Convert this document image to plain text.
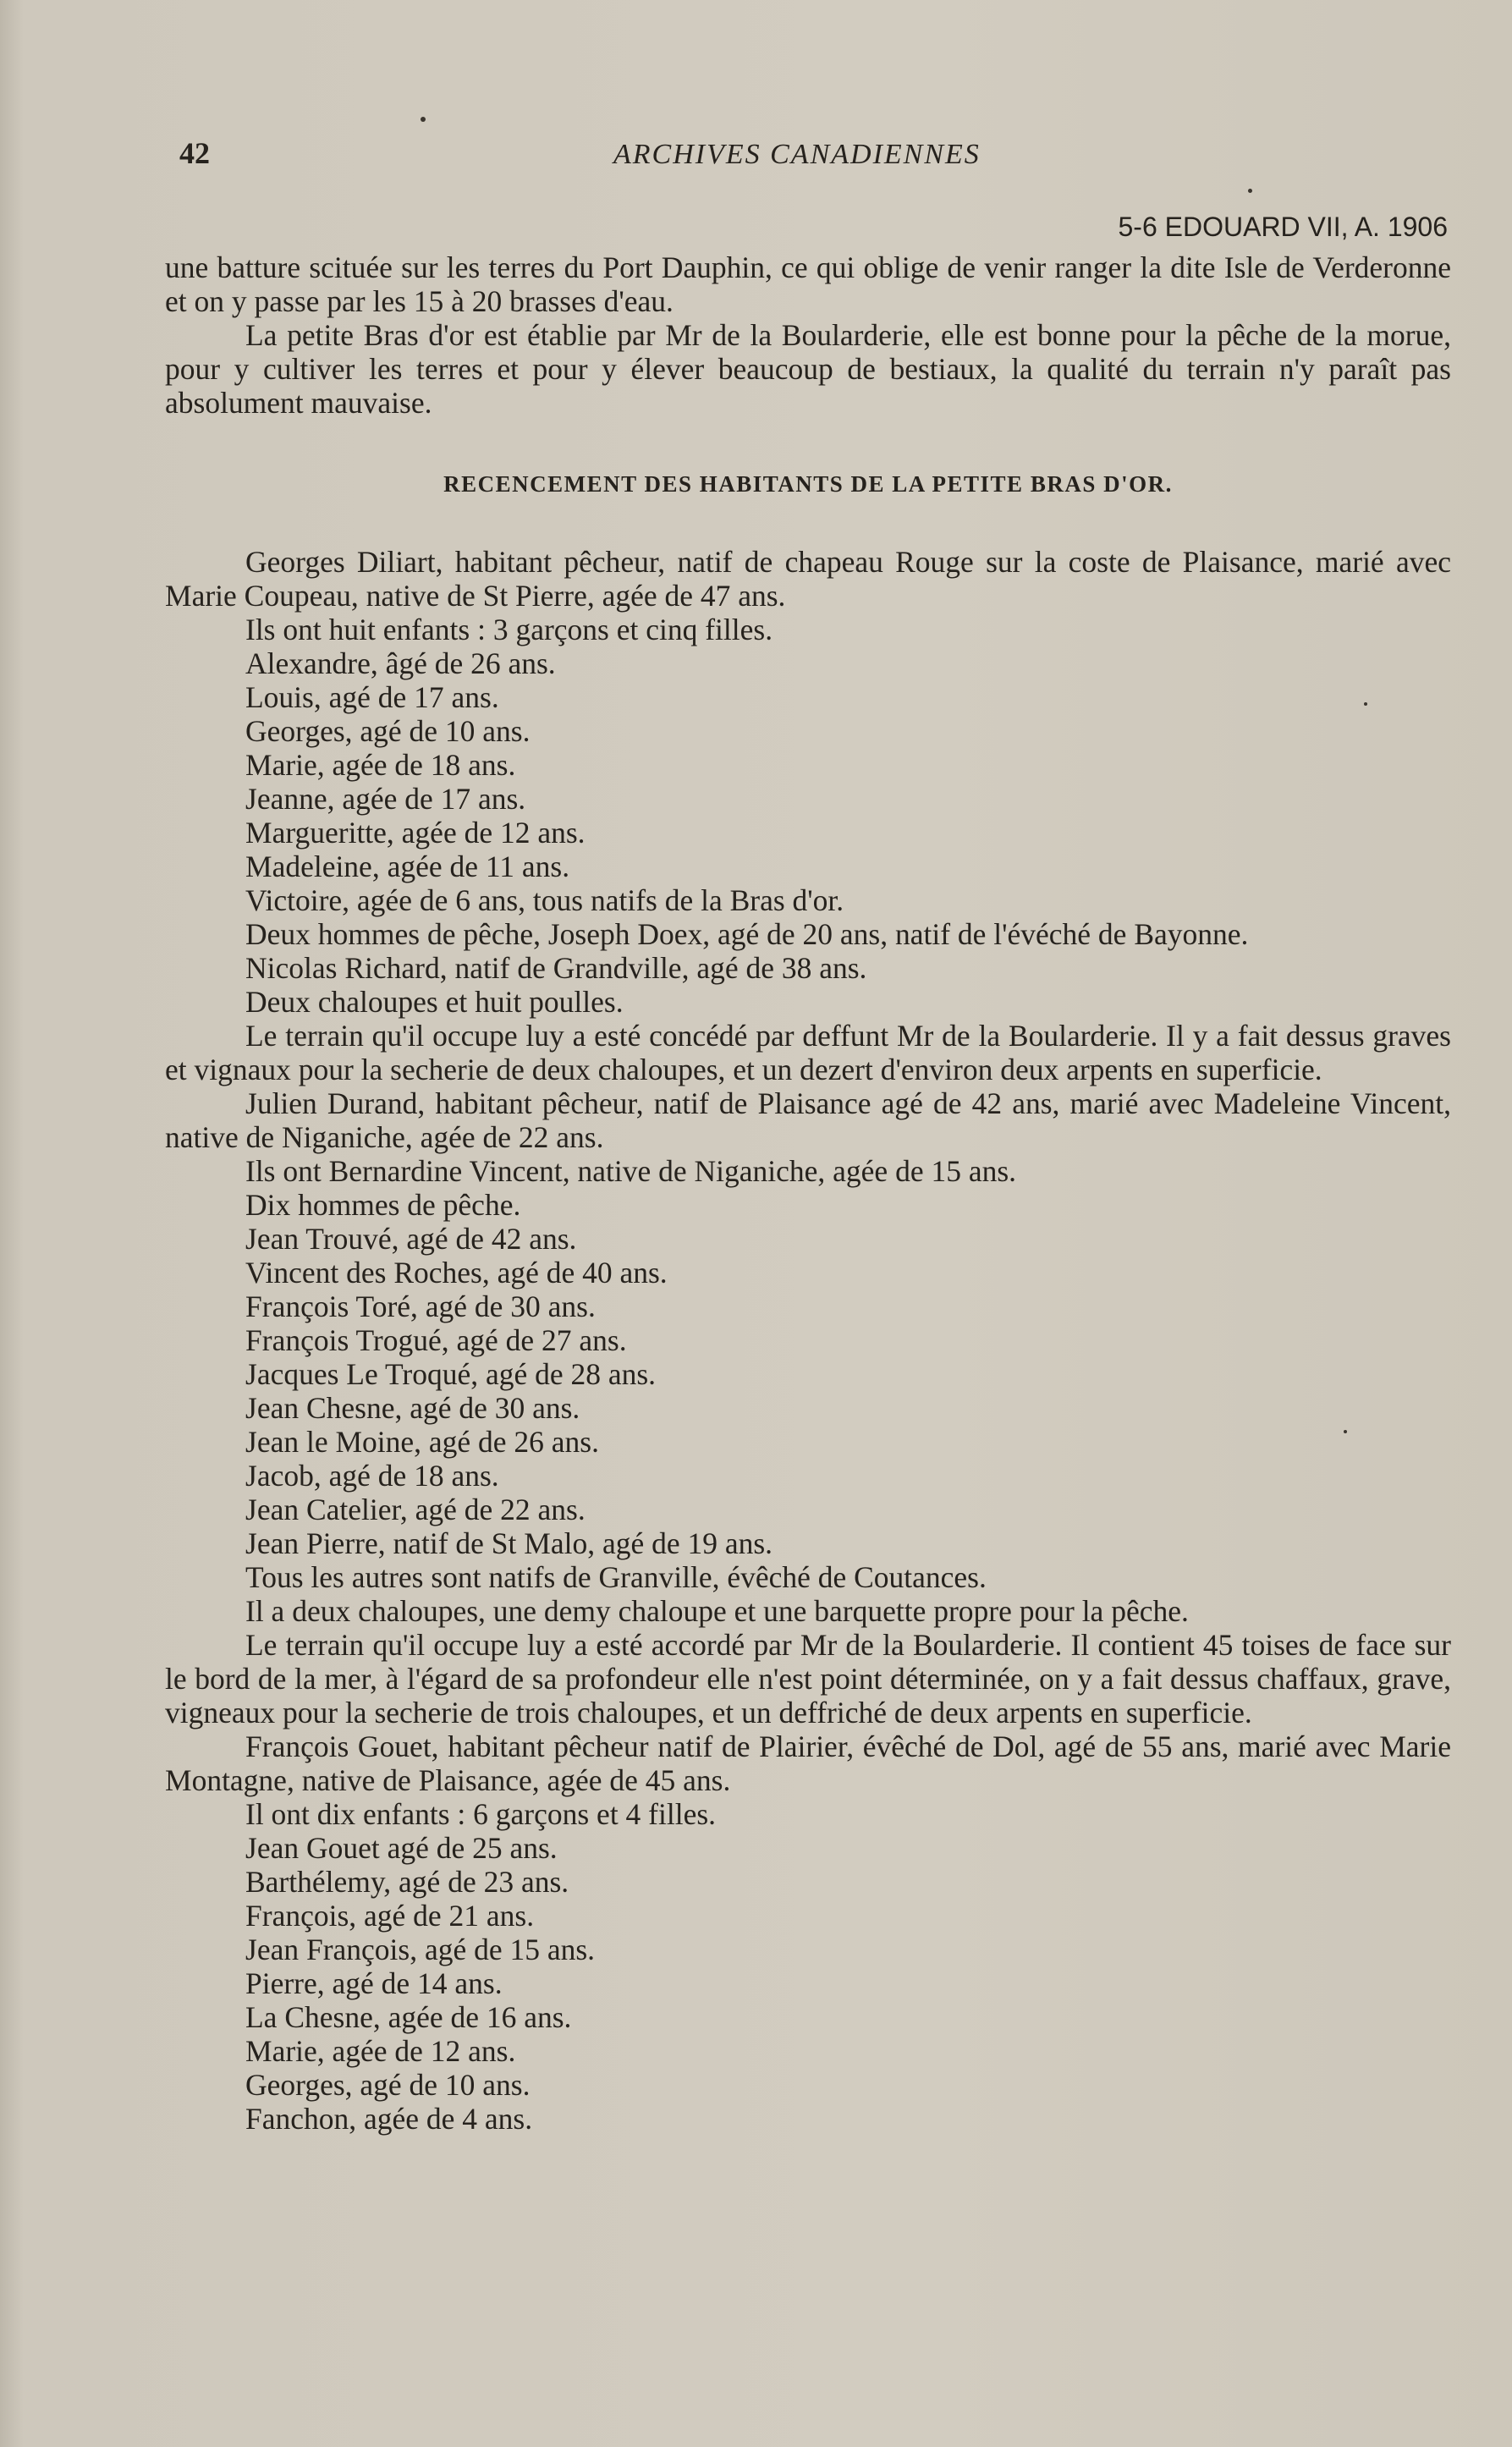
42	ARCHIVES CANADIENNES
5-6 EDOUARD VII, A. 1906

une batture scituée sur les terres du Port Dauphin, ce qui oblige de venir ranger la dite Isle de Verderonne et on y passe par les 15 à 20 brasses d'eau.

La petite Bras d'or est établie par Mr de la Boularderie, elle est bonne pour la pêche de la morue, pour y cultiver les terres et pour y élever beaucoup de bestiaux, la qualité du terrain n'y paraît pas absolument mauvaise.

RECENCEMENT DES HABITANTS DE LA PETITE BRAS D'OR.

Georges Diliart, habitant pêcheur, natif de chapeau Rouge sur la coste de Plaisance, marié avec Marie Coupeau, native de St Pierre, agée de 47 ans.

Ils ont huit enfants : 3 garçons et cinq filles.

Alexandre, âgé de 26 ans.

Louis, agé de 17 ans.

Georges, agé de 10 ans.

Marie, agée de 18 ans.

Jeanne, agée de 17 ans.

Margueritte, agée de 12 ans.

Madeleine, agée de 11 ans.

Victoire, agée de 6 ans, tous natifs de la Bras d'or.

Deux hommes de pêche, Joseph Doex, agé de 20 ans, natif de l'évéché de Bayonne.

Nicolas Richard, natif de Grandville, agé de 38 ans.

Deux chaloupes et huit poulles.

Le terrain qu'il occupe luy a esté concédé par deffunt Mr de la Boularderie. Il y a fait dessus graves et vignaux pour la secherie de deux chaloupes, et un dezert d'environ deux arpents en superficie.

Julien Durand, habitant pêcheur, natif de Plaisance agé de 42 ans, marié avec Madeleine Vincent, native de Niganiche, agée de 22 ans.

Ils ont Bernardine Vincent, native de Niganiche, agée de 15 ans.

Dix hommes de pêche.

Jean Trouvé, agé de 42 ans.

Vincent des Roches, agé de 40 ans.

François Toré, agé de 30 ans.

François Trogué, agé de 27 ans.

Jacques Le Troqué, agé de 28 ans.

Jean Chesne, agé de 30 ans.

Jean le Moine, agé de 26 ans.

Jacob, agé de 18 ans.

Jean Catelier, agé de 22 ans.

Jean Pierre, natif de St Malo, agé de 19 ans.

Tous les autres sont natifs de Granville, évêché de Coutances.

Il a deux chaloupes, une demy chaloupe et une barquette propre pour la pêche.

Le terrain qu'il occupe luy a esté accordé par Mr de la Boularderie. Il contient 45 toises de face sur le bord de la mer, à l'égard de sa profondeur elle n'est point déterminée, on y a fait dessus chaffaux, grave, vigneaux pour la secherie de trois chaloupes, et un deffriché de deux arpents en superficie.

François Gouet, habitant pêcheur natif de Plairier, évêché de Dol, agé de 55 ans, marié avec Marie Montagne, native de Plaisance, agée de 45 ans.

Il ont dix enfants : 6 garçons et 4 filles.

Jean Gouet agé de 25 ans.

Barthélemy, agé de 23 ans.

François, agé de 21 ans.

Jean François, agé de 15 ans.

Pierre, agé de 14 ans.

La Chesne, agée de 16 ans.

Marie, agée de 12 ans.

Georges, agé de 10 ans.

Fanchon, agée de 4 ans.
